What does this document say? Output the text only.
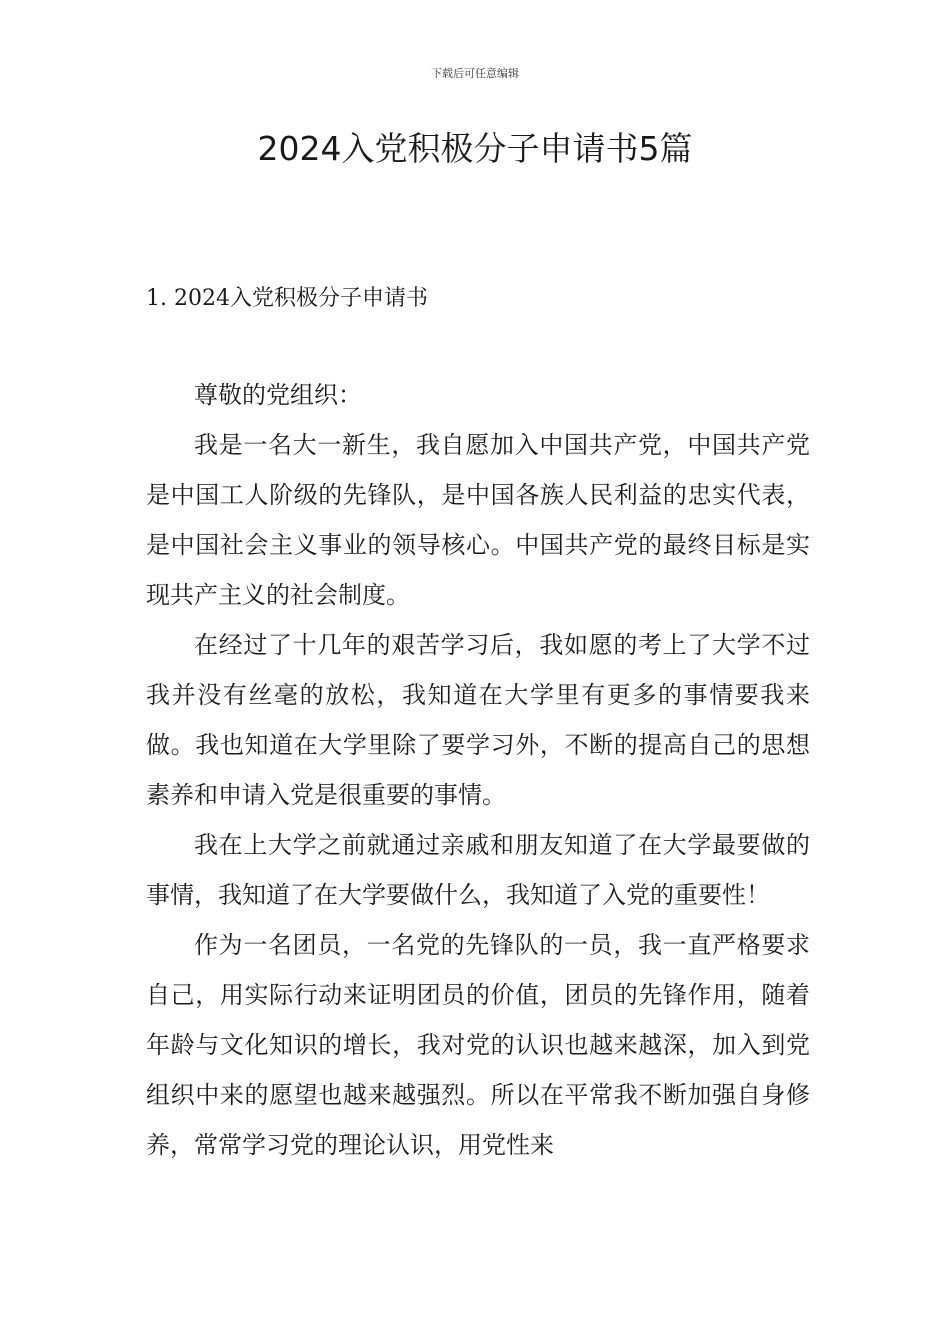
下载后可任意编辑
2024入党积极分子申请书5篇
1. 2024入党积极分子申请书

尊敬的党组织：

我是一名大一新生，我自愿加入中国共产党，中国共产党是中国工人阶级的先锋队，是中国各族人民利益的忠实代表，是中国社会主义事业的领导核心。中国共产党的最终目标是实现共产主义的社会制度。

在经过了十几年的艰苦学习后，我如愿的考上了大学不过我并没有丝毫的放松，我知道在大学里有更多的事情要我来做。我也知道在大学里除了要学习外，不断的提高自己的思想素养和申请入党是很重要的事情。

我在上大学之前就通过亲戚和朋友知道了在大学最要做的事情，我知道了在大学要做什么，我知道了入党的重要性！

作为一名团员，一名党的先锋队的一员，我一直严格要求自己，用实际行动来证明团员的价值，团员的先锋作用，随着年龄与文化知识的增长，我对党的认识也越来越深，加入到党组织中来的愿望也越来越强烈。所以在平常我不断加强自身修养，常常学习党的理论认识，用党性来
